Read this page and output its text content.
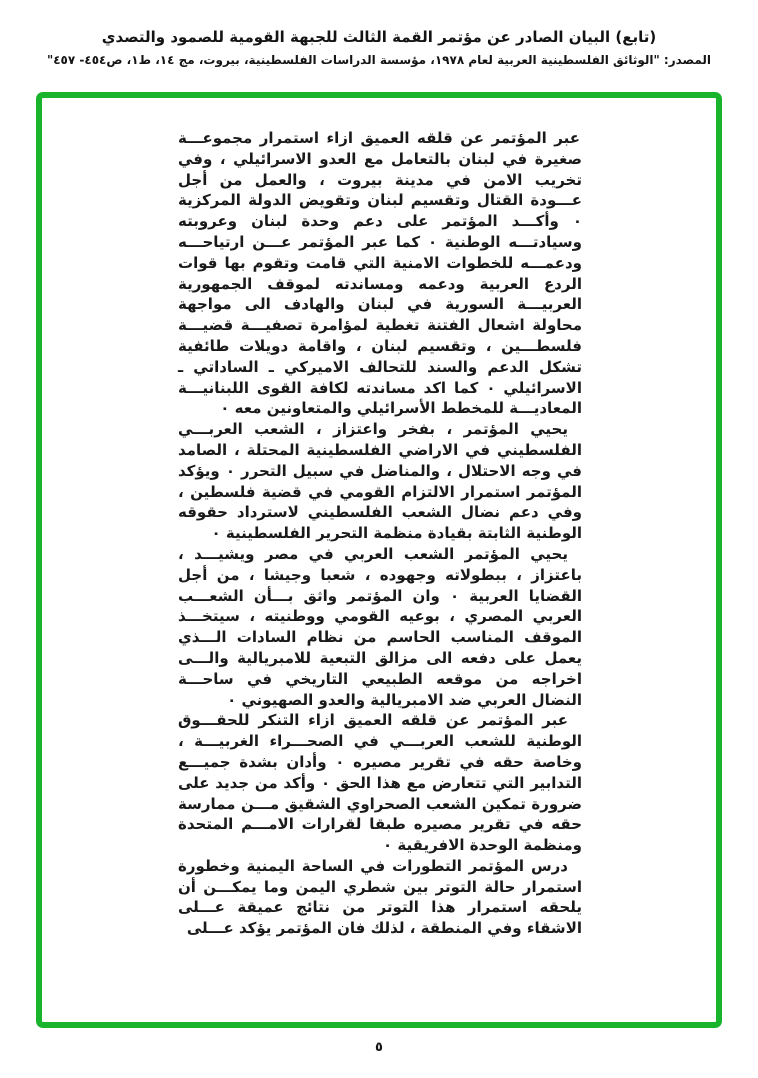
(تابع) البيان الصادر عن مؤتمر القمة الثالث للجبهة القومية للصمود والتصدي
المصدر: "الوثائق الفلسطينية العربية لعام ١٩٧٨، مؤسسة الدراسات الفلسطينية، بيروت، مج ١٤، ط١، ص٤٥٤- ٤٥٧"

عبر المؤتمر عن قلقه العميق ازاء استمرار مجموعـــة صغيرة في لبنان بالتعامل مع العدو الاسرائيلي ، وفي تخريب الامن في مدينة بيروت ، والعمل من أجل عـــودة القتال وتقسيم لبنان وتقويض الدولة المركزية ٠ وأكـــد المؤتمر على دعم وحدة لبنان وعروبته وسيادتـــه الوطنية ٠ كما عبر المؤتمر عـــن ارتياحـــه ودعمـــه للخطوات الامنية التي قامت وتقوم بها قوات الردع العربية ودعمه ومساندته لموقف الجمهورية العربيـــة السورية في لبنان والهادف الى مواجهة محاولة اشعال الفتنة تغطية لمؤامرة تصفيـــة قضيـــة فلسطـــين ، وتقسيم لبنان ، واقامة دويلات طائفية تشكل الدعم والسند للتحالف الاميركي ـ الساداتي ـ الاسرائيلي ٠ كما اكد مساندته لكافة القوى اللبنانيـــة المعاديـــة للمخطط الأسرائيلي والمتعاونين معه ٠

يحيي المؤتمر ، بفخر واعتزاز ، الشعب العربـــي الفلسطيني في الاراضي الفلسطينية المحتلة ، الصامد في وجه الاحتلال ، والمناضل في سبيل التحرر ٠ ويؤكد المؤتمر استمرار الالتزام القومي في قضية فلسطين ، وفي دعم نضال الشعب الفلسطيني لاسترداد حقوقه الوطنية الثابتة بقيادة منظمة التحرير الفلسطينية ٠

يحيي المؤتمر الشعب العربي في مصر ويشيـــد ، باعتزاز ، ببطولاته وجهوده ، شعبا وجيشا ، من أجل القضايا العربية ٠ وان المؤتمر واثق بـــأن الشعـــب العربي المصري ، بوعيه القومي ووطنيته ، سيتخـــذ الموقف المناسب الحاسم من نظام السادات الـــذي يعمل على دفعه الى مزالق التبعية للامبريالية والـــى اخراجه من موقعه الطبيعي التاريخي في ساحـــة النضال العربي ضد الامبريالية والعدو الصهيوني ٠

عبر المؤتمر عن قلقه العميق ازاء التنكر للحقـــوق الوطنية للشعب العربـــي في الصحـــراء الغربيـــة ، وخاصة حقه في تقرير مصيره ٠ وأدان بشدة جميـــع التدابير التي تتعارض مع هذا الحق ٠ وأكد من جديد على ضرورة تمكين الشعب الصحراوي الشقيق مـــن ممارسة حقه في تقرير مصيره طبقا لقرارات الامـــم المتحدة ومنظمة الوحدة الافريقية ٠

درس المؤتمر التطورات في الساحة اليمنية وخطورة استمرار حالة التوتر بين شطري اليمن وما يمكـــن أن يلحقه استمرار هذا التوتر من نتائج عميقة عـــلى الاشقاء وفي المنطقة ، لذلك فان المؤتمر يؤكد عـــلى

٥
